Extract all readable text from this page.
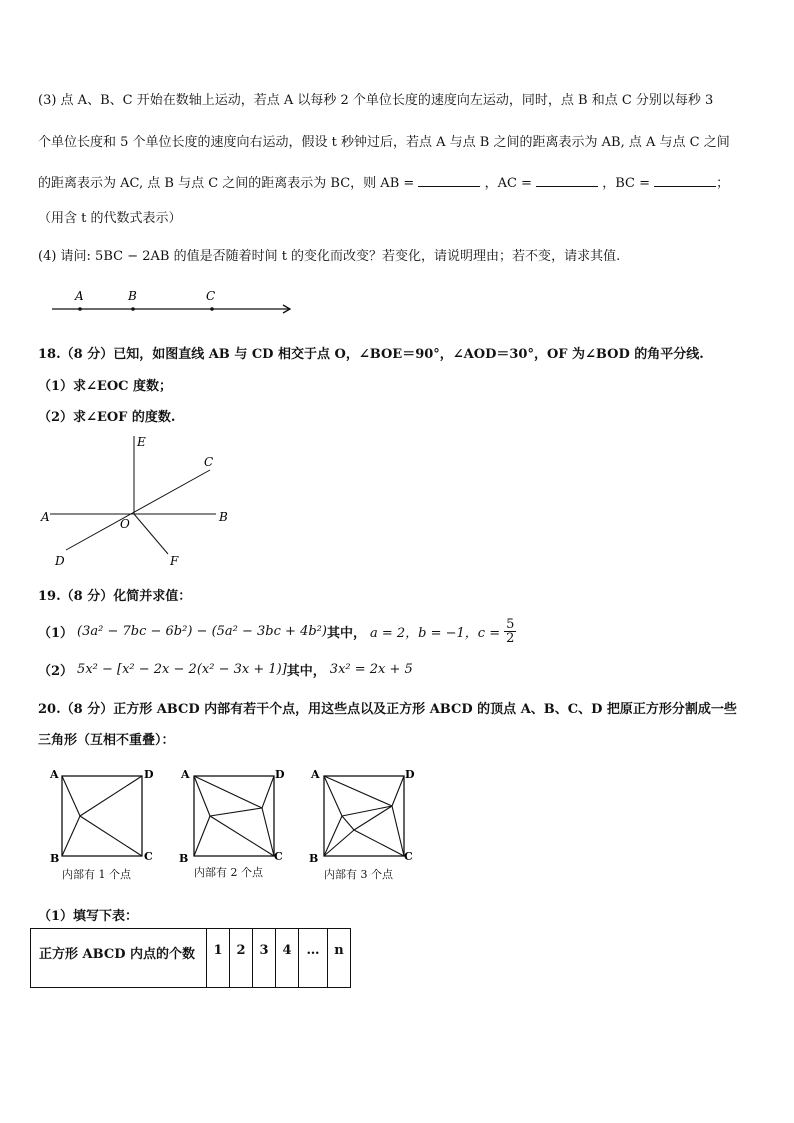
(3) 点 A、B、C 开始在数轴上运动，若点 A 以每秒 2 个单位长度的速度向左运动，同时，点 B 和点 C 分别以每秒 3
个单位长度和 5 个单位长度的速度向右运动，假设 t 秒钟过后，若点 A 与点 B 之间的距离表示为 AB, 点 A 与点 C 之间
的距离表示为 AC, 点 B 与点 C 之间的距离表示为 BC，则 AB =	，AC =	，BC =	；
（用含 t 的代数式表示）
(4) 请问: 5BC − 2AB 的值是否随着时间 t 的变化而改变？若变化，请说明理由；若不变，请求其值.
A	B	C
18.（8 分）已知，如图直线 AB 与 CD 相交于点 O，∠BOE＝90°，∠AOD＝30°，OF 为∠BOD 的角平分线.
（1）求∠EOC 度数；
（2）求∠EOF 的度数.
E
C
A	O	B
D	F
19.（8 分）化简并求值：
（1） (3a² − 7bc − 6b²) − (5a² − 3bc + 4b²) 其中， a = 2，b = −1，$c = \frac{5}{2}$
（2） 5x² − [x² − 2x − 2(x² − 3x + 1)] 其中， 3x² = 2x + 5
20.（8 分）正方形 ABCD 内部有若干个点，用这些点以及正方形 ABCD 的顶点 A、B、C、D 把原正方形分割成一些
三角形（互相不重叠）：
A	D
B	C
内部有 1 个点
A	D
B	C
内部有 2 个点
A	D
B	C
内部有 3 个点
（1）填写下表：
正方形 ABCD 内点的个数	1	2	3	4	…	n
